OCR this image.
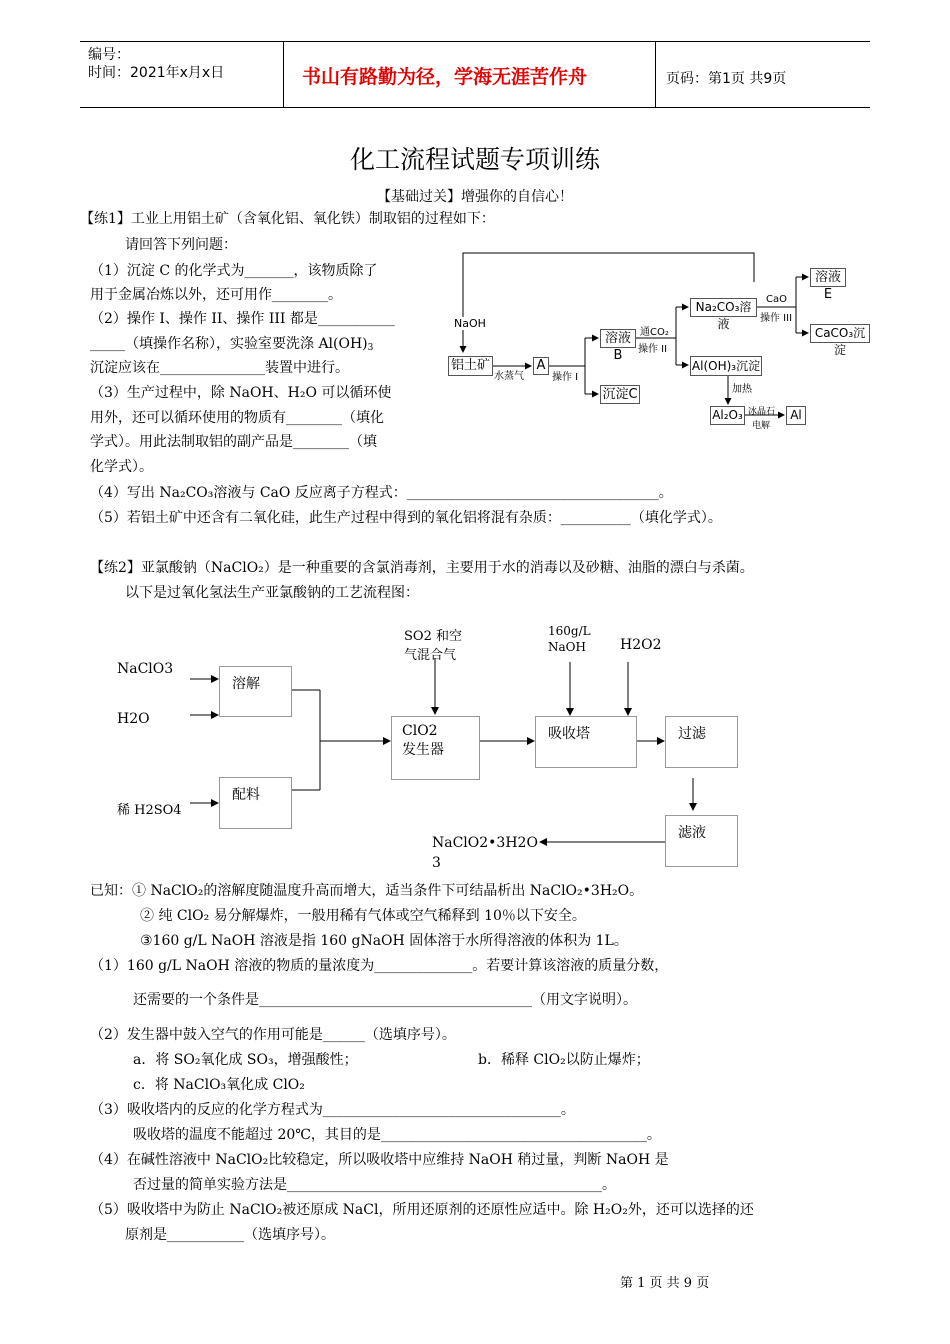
编号：
时间：2021年x月x日	书山有路勤为径，学海无涯苦作舟	页码：第1页 共9页
化工流程试题专项训练
【基础过关】增强你的自信心！
【练1】工业上用铝土矿（含氧化铝、氧化铁）制取铝的过程如下：
请回答下列问题：
（1）沉淀 C 的化学式为_______，该物质除了
用于金属冶炼以外，还可用作________。
（2）操作 I、操作 II、操作 III 都是___________
_____（填操作名称），实验室要洗涤 $Al(OH)_3$
沉淀应该在_______________装置中进行。
（3）生产过程中，除 NaOH、H₂O 可以循环使
用外，还可以循环使用的物质有________（填化
学式）。用此法制取铝的副产品是________（填
化学式）。
（4）写出 Na₂CO₃溶液与 CaO 反应离子方程式：____________________________________。
（5）若铝土矿中还含有二氧化硅，此生产过程中得到的氧化铝将混有杂质：__________（填化学式）。
NaOH
铝土矿
水蒸气
A
操作 I
溶液B
沉淀C
通CO₂
操作 II
Na₂CO₃溶液
CaO
操作 III
溶液E
CaCO₃沉淀
Al(OH)₃沉淀
加热
Al₂O₃ 冰晶石
电解
Al
【练2】亚氯酸钠（NaClO₂）是一种重要的含氯消毒剂，主要用于水的消毒以及砂糖、油脂的漂白与杀菌。
以下是过氧化氢法生产亚氯酸钠的工艺流程图：
NaClO3
H2O
稀 H2SO4
溶解
配料
SO2 和空
气混合气
ClO2
发生器
160g/L
NaOH H2O2
吸收塔	过滤
滤液
NaClO2•3H2O
3
已知：① NaClO₂的溶解度随温度升高而增大，适当条件下可结晶析出 NaClO₂•3H₂O。
② 纯 ClO₂ 易分解爆炸，一般用稀有气体或空气稀释到 10％以下安全。
③160 g/L NaOH 溶液是指 160 gNaOH 固体溶于水所得溶液的体积为 1L。
（1）160 g/L NaOH 溶液的物质的量浓度为______________。若要计算该溶液的质量分数，
还需要的一个条件是_______________________________________（用文字说明）。
（2）发生器中鼓入空气的作用可能是______（选填序号）。
a．将 SO₂氧化成 SO₃，增强酸性；	b．稀释 ClO₂以防止爆炸；
c．将 NaClO₃氧化成 ClO₂
（3）吸收塔内的反应的化学方程式为__________________________________。
吸收塔的温度不能超过 20℃，其目的是______________________________________。
（4）在碱性溶液中 NaClO₂比较稳定，所以吸收塔中应维持 NaOH 稍过量，判断 NaOH 是
否过量的简单实验方法是_____________________________________________。
（5）吸收塔中为防止 NaClO₂被还原成 NaCl，所用还原剂的还原性应适中。除 H₂O₂外，还可以选择的还
原剂是___________（选填序号）。
第 1 页 共 9 页
